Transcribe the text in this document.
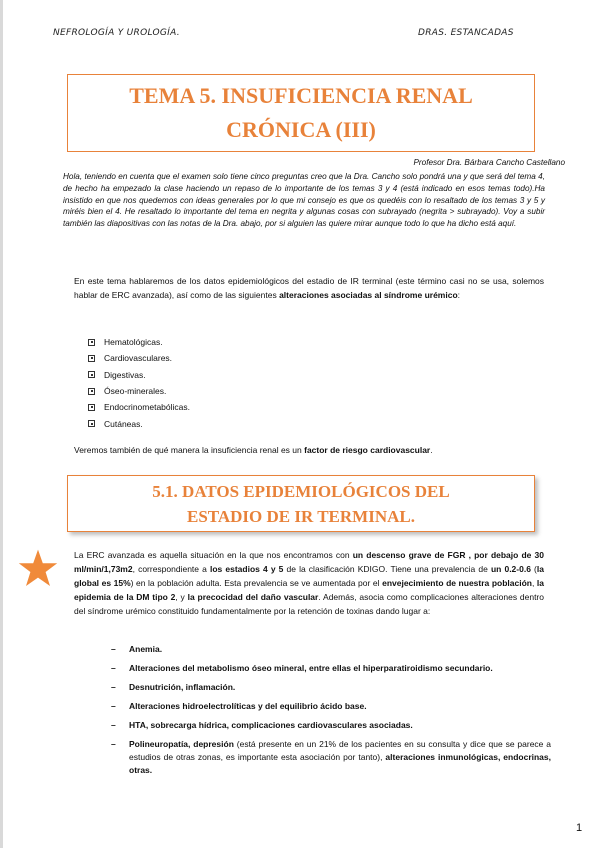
NEFROLOGÍA Y UROLOGÍA.	DRAS. ESTANCADAS
TEMA 5. INSUFICIENCIA RENAL
CRÓNICA (III)
Profesor Dra. Bárbara Cancho Castellano
Hola, teniendo en cuenta que el examen solo tiene cinco preguntas creo que la Dra. Cancho solo pondrá una y que será del tema 4, de hecho ha empezado la clase haciendo un repaso de lo importante de los temas 3 y 4 (está indicado en esos temas todo).Ha insistido en que nos quedemos con ideas generales por lo que mi consejo es que os quedéis con lo resaltado de los temas 3 y 5 y miréis bien el 4. He resaltado lo importante del tema en negrita y algunas cosas con subrayado (negrita > subrayado). Voy a subir también las diapositivas con las notas de la Dra. abajo, por si alguien las quiere mirar aunque todo lo que ha dicho está aquí.
En este tema hablaremos de los datos epidemiológicos del estadio de IR terminal (este término casi no se usa, solemos hablar de ERC avanzada), así como de las siguientes alteraciones asociadas al síndrome urémico:
Hematológicas.
Cardiovasculares.
Digestivas.
Óseo-minerales.
Endocrinometabólicas.
Cutáneas.
Veremos también de qué manera la insuficiencia renal es un factor de riesgo cardiovascular.
5.1. DATOS EPIDEMIOLÓGICOS DEL
ESTADIO DE IR TERMINAL.
La ERC avanzada es aquella situación en la que nos encontramos con un descenso grave de FGR , por debajo de 30 ml/min/1,73m2, correspondiente a los estadios 4 y 5 de la clasificación KDIGO. Tiene una prevalencia de un 0.2-0.6 (la global es 15%) en la población adulta. Esta prevalencia se ve aumentada por el envejecimiento de nuestra población, la epidemia de la DM tipo 2, y la precocidad del daño vascular. Además, asocia como complicaciones alteraciones dentro del síndrome urémico constituido fundamentalmente por la retención de toxinas dando lugar a:
– Anemia.
– Alteraciones del metabolismo óseo mineral, entre ellas el hiperparatiroidismo secundario.
– Desnutrición, inflamación.
– Alteraciones hidroelectrolíticas y del equilibrio ácido base.
– HTA, sobrecarga hídrica, complicaciones cardiovasculares asociadas.
– Polineuropatía, depresión (está presente en un 21% de los pacientes en su consulta y dice que se parece a estudios de otras zonas, es importante esta asociación por tanto), alteraciones inmunológicas, endocrinas, otras.
1
